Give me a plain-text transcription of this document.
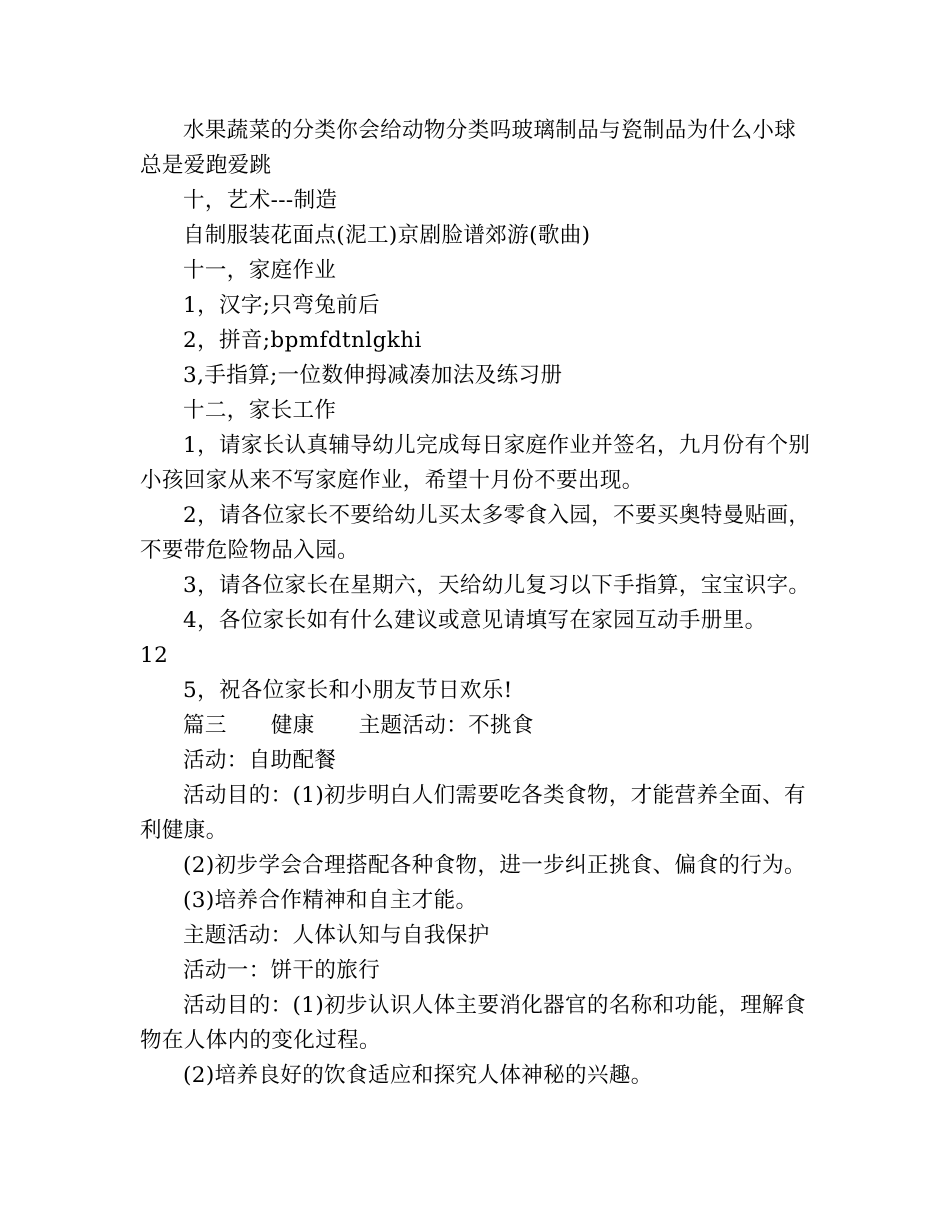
水果蔬菜的分类你会给动物分类吗玻璃制品与瓷制品为什么小球总是爱跑爱跳

十，艺术---制造

自制服装花面点(泥工)京剧脸谱郊游(歌曲)

十一，家庭作业

1，汉字;只弯兔前后

2，拼音;bpmfdtnlgkhi

3,手指算;一位数伸拇减凑加法及练习册

十二，家长工作

1，请家长认真辅导幼儿完成每日家庭作业并签名，九月份有个别小孩回家从来不写家庭作业，希望十月份不要出现。

2，请各位家长不要给幼儿买太多零食入园，不要买奥特曼贴画，不要带危险物品入园。

3，请各位家长在星期六，天给幼儿复习以下手指算，宝宝识字。

4，各位家长如有什么建议或意见请填写在家园互动手册里。

12

5，祝各位家长和小朋友节日欢乐!

篇三 健康 主题活动：不挑食

活动：自助配餐

活动目的：(1)初步明白人们需要吃各类食物，才能营养全面、有利健康。

(2)初步学会合理搭配各种食物，进一步纠正挑食、偏食的行为。

(3)培养合作精神和自主才能。

主题活动：人体认知与自我保护

活动一：饼干的旅行

活动目的：(1)初步认识人体主要消化器官的名称和功能，理解食物在人体内的变化过程。

(2)培养良好的饮食适应和探究人体神秘的兴趣。
